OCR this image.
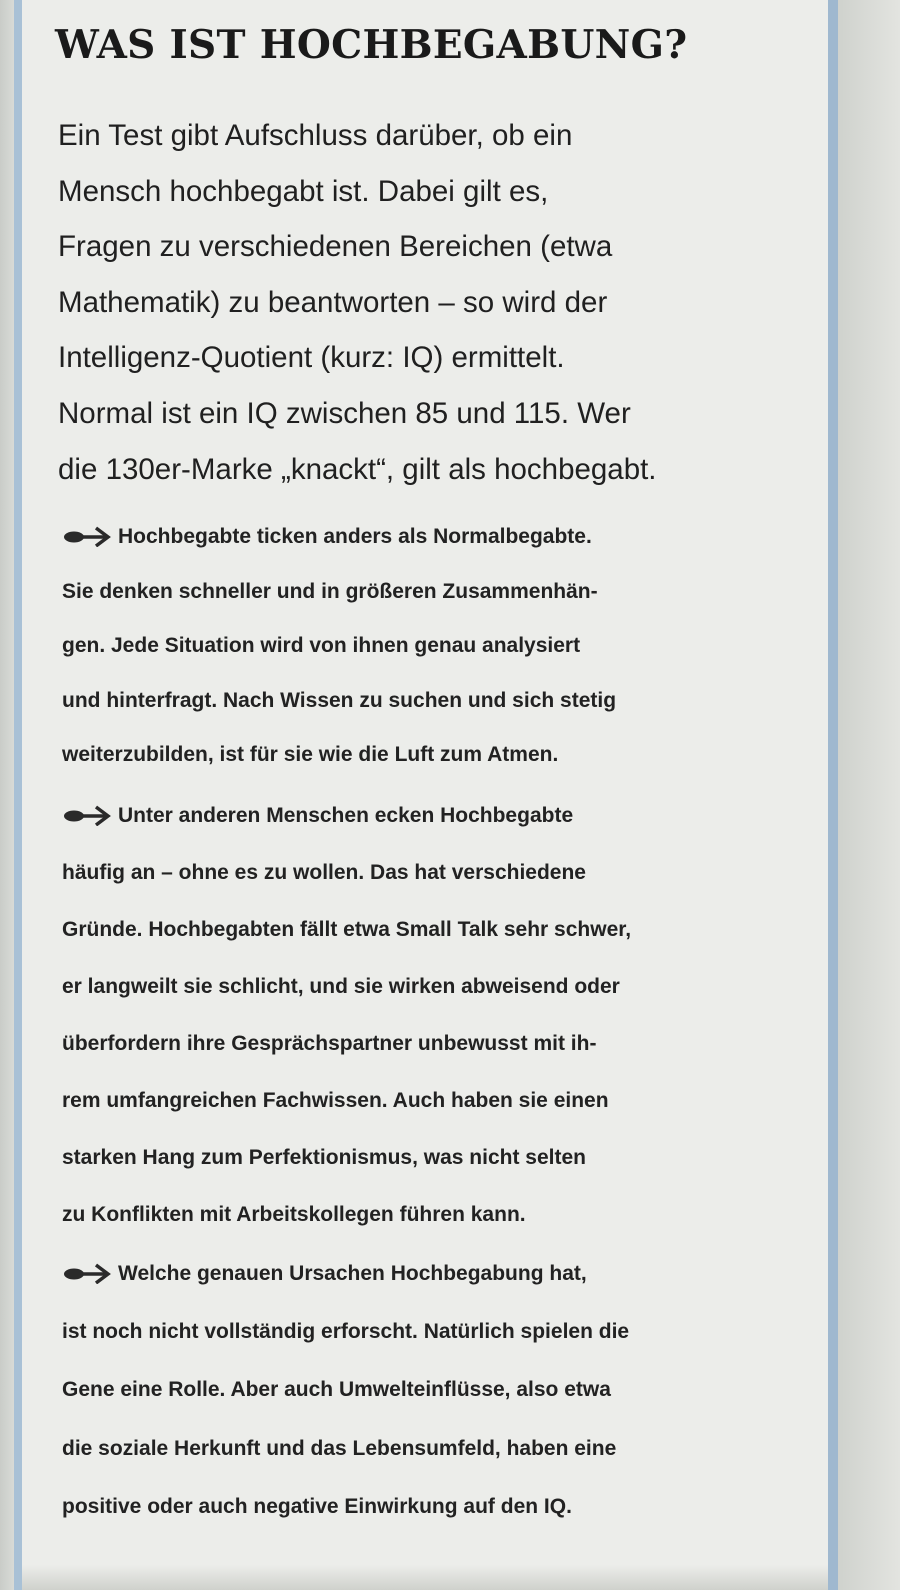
WAS IST HOCHBEGABUNG?
Ein Test gibt Aufschluss darüber, ob ein
Mensch hochbegabt ist. Dabei gilt es,
Fragen zu verschiedenen Bereichen (etwa
Mathematik) zu beantworten – so wird der
Intelligenz-Quotient (kurz: IQ) ermittelt.
Normal ist ein IQ zwischen 85 und 115. Wer
die 130er-Marke „knackt“, gilt als hochbegabt.
Hochbegabte ticken anders als Normalbegabte.
Sie denken schneller und in größeren Zusammenhän-
gen. Jede Situation wird von ihnen genau analysiert
und hinterfragt. Nach Wissen zu suchen und sich stetig
weiterzubilden, ist für sie wie die Luft zum Atmen.
Unter anderen Menschen ecken Hochbegabte
häufig an – ohne es zu wollen. Das hat verschiedene
Gründe. Hochbegabten fällt etwa Small Talk sehr schwer,
er langweilt sie schlicht, und sie wirken abweisend oder
überfordern ihre Gesprächspartner unbewusst mit ih-
rem umfangreichen Fachwissen. Auch haben sie einen
starken Hang zum Perfektionismus, was nicht selten
zu Konflikten mit Arbeitskollegen führen kann.
Welche genauen Ursachen Hochbegabung hat,
ist noch nicht vollständig erforscht. Natürlich spielen die
Gene eine Rolle. Aber auch Umwelteinflüsse, also etwa
die soziale Herkunft und das Lebensumfeld, haben eine
positive oder auch negative Einwirkung auf den IQ.
